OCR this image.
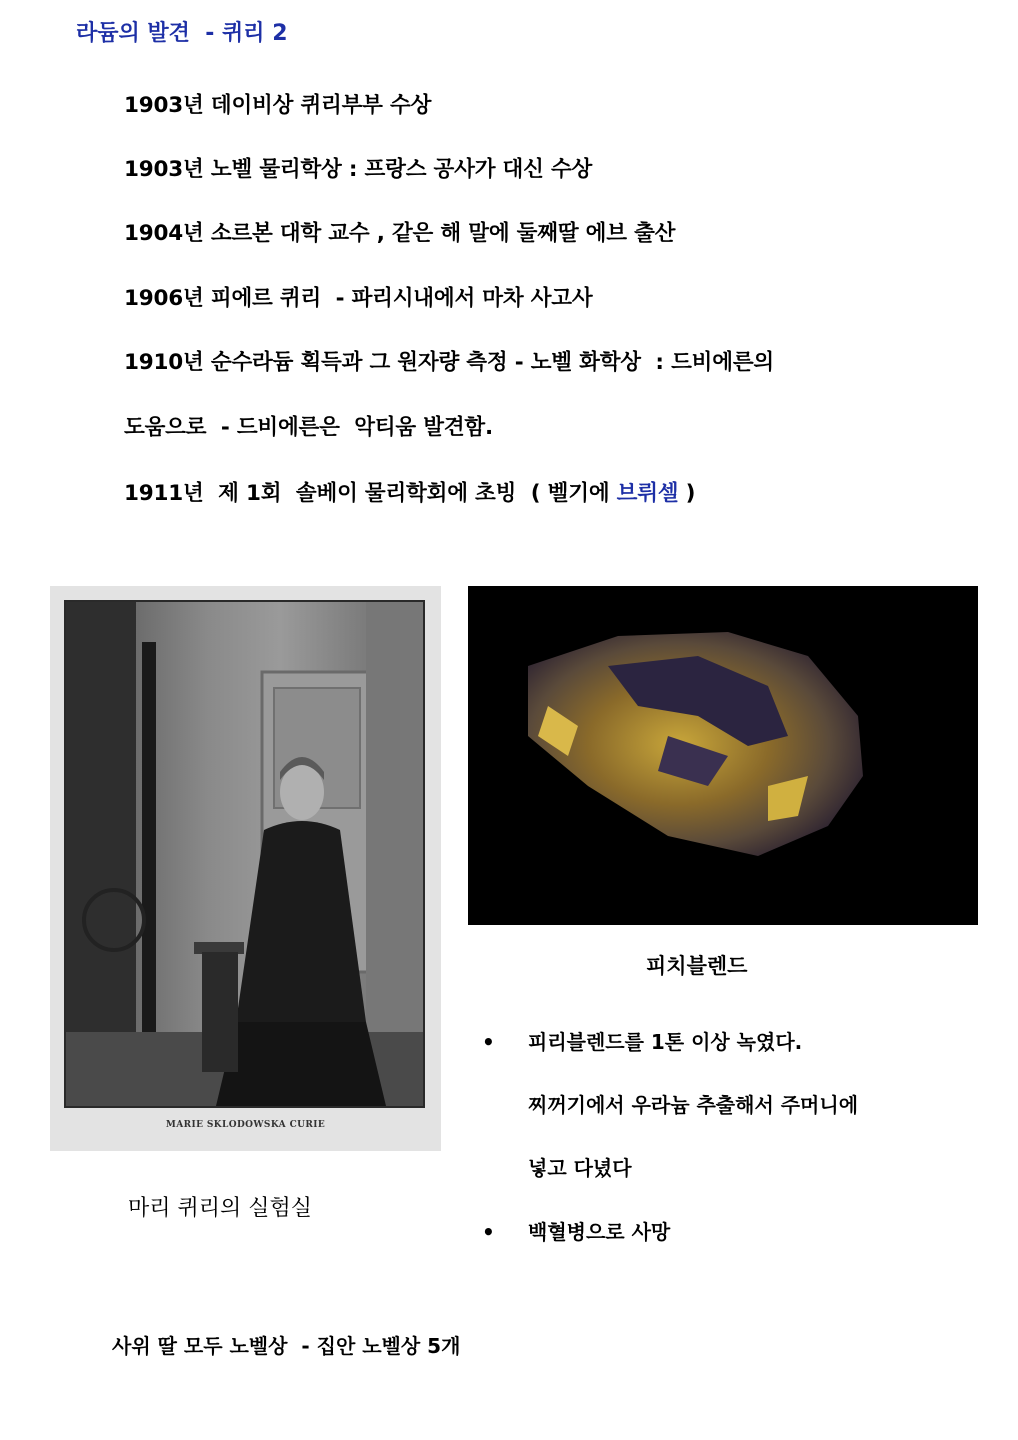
라듐의 발견  - 퀴리 2
1903년 데이비상 퀴리부부 수상
1903년 노벨 물리학상 : 프랑스 공사가 대신 수상
1904년 소르본 대학 교수 , 같은 해 말에 둘째딸 에브 출산
1906년 피에르 퀴리  - 파리시내에서 마차 사고사
1910년 순수라듐 획득과 그 원자량 측정 - 노벨 화학상  : 드비에른의
도움으로  - 드비에른은  악티움 발견함.
1911년  제 1회  솔베이 물리학회에 초빙  ( 벨기에 브뤼셀 )
MARIE SKLODOWSKA CURIE
마리 퀴리의 실험실
피치블렌드
• 피리블렌드를 1톤 이상 녹였다.
찌꺼기에서 우라늄 추출해서 주머니에
넣고 다녔다
• 백혈병으로 사망
사위 딸 모두 노벨상  - 집안 노벨상 5개
